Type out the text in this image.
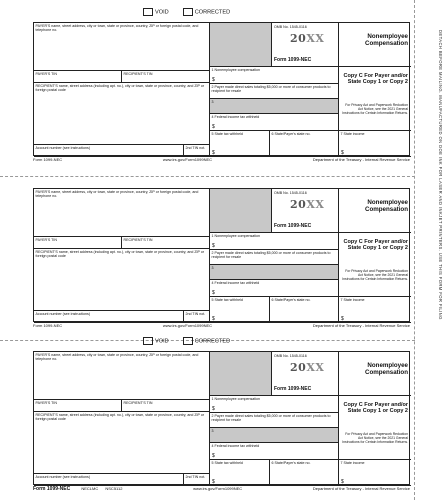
DETACH BEFORE MAILING. MANUFACTURED ON DOE INK FOR LASER AND INKJET PRINTERS. USE THIS FORM FOR FILING
VOID	CORRECTED
PAYER'S name, street address, city or town, state or province, country, ZIP or foreign postal code, and telephone no.
PAYER'S TIN	RECIPIENT'S TIN
RECIPIENT'S name, street address (including apt. no.), city or town, state or province, country, and ZIP or foreign postal code
Account number (see instructions)	2nd TIN not.
OMB No. 1545-0116
20XX
Form 1099-NEC
Nonemployee Compensation
1 Nonemployee compensation
$
2 Payer made direct sales totaling $5,000 or more of consumer products to recipient for resale
3
4 Federal income tax withheld
$
5 State tax withheld
$
6 State/Payer's state no.
Copy C For Payer and/or State Copy 1 or Copy 2
For Privacy Act and Paperwork Reduction Act Notice, see the 2021 General Instructions for Certain Information Returns.
7 State income
$
Form 1099-NEC	www.irs.gov/Form1099NEC	Department of the Treasury - Internal Revenue Service
PAYER'S name, street address, city or town, state or province, country, ZIP or foreign postal code, and telephone no.
PAYER'S TIN	RECIPIENT'S TIN
RECIPIENT'S name, street address (including apt. no.), city or town, state or province, country, and ZIP or foreign postal code
Account number (see instructions)	2nd TIN not.
OMB No. 1545-0116
20XX
Form 1099-NEC
Nonemployee Compensation
1 Nonemployee compensation
$
2 Payer made direct sales totaling $5,000 or more of consumer products to recipient for resale
3
4 Federal income tax withheld
$
5 State tax withheld
$
6 State/Payer's state no.
Copy C For Payer and/or State Copy 1 or Copy 2
For Privacy Act and Paperwork Reduction Act Notice, see the 2021 General Instructions for Certain Information Returns.
7 State income
$
Form 1099-NEC	www.irs.gov/Form1099NEC	Department of the Treasury - Internal Revenue Service
VOID	CORRECTED
PAYER'S name, street address, city or town, state or province, country, ZIP or foreign postal code, and telephone no.
PAYER'S TIN	RECIPIENT'S TIN
RECIPIENT'S name, street address (including apt. no.), city or town, state or province, country, and ZIP or foreign postal code
Account number (see instructions)	2nd TIN not.
OMB No. 1545-0116
20XX
Form 1099-NEC
Nonemployee Compensation
1 Nonemployee compensation
$
2 Payer made direct sales totaling $5,000 or more of consumer products to recipient for resale
3
4 Federal income tax withheld
$
5 State tax withheld
$
6 State/Payer's state no.
Copy C For Payer and/or State Copy 1 or Copy 2
For Privacy Act and Paperwork Reduction Act Notice, see the 2021 General Instructions for Certain Information Returns.
7 State income
$
Form 1099-NEC	NECLMC NSC5112	www.irs.gov/Form1099NEC	Department of the Treasury - Internal Revenue Service
